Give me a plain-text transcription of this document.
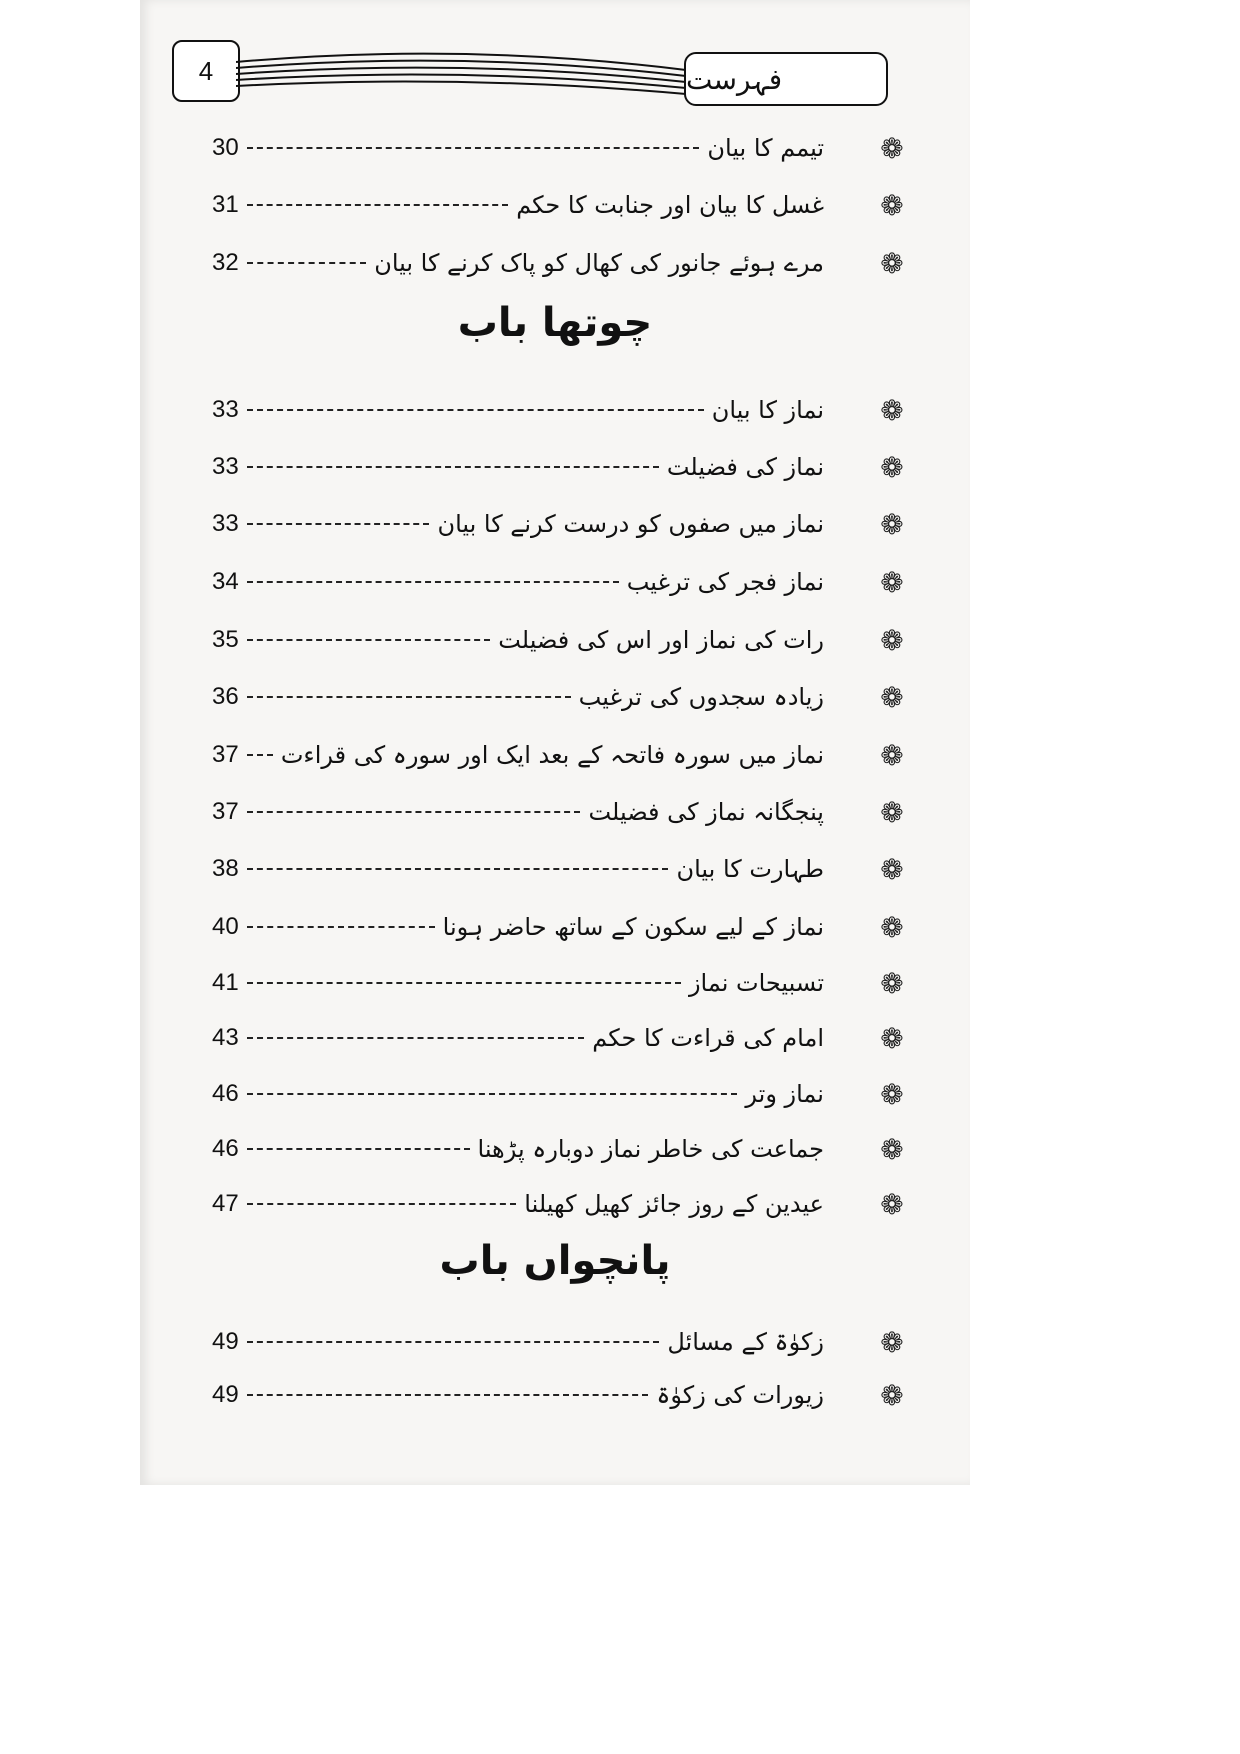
4	فہرست
30	تیمم کا بیان ❁
31	غسل کا بیان اور جنابت کا حکم ❁
32	مرے ہوئے جانور کی کھال کو پاک کرنے کا بیان ❁
چوتھا باب
33	نماز کا بیان ❁
33	نماز کی فضیلت ❁
33	نماز میں صفوں کو درست کرنے کا بیان ❁
34	نماز فجر کی ترغیب ❁
35	رات کی نماز اور اس کی فضیلت ❁
36	زیادہ سجدوں کی ترغیب ❁
37 نماز میں سورہ فاتحہ کے بعد ایک اور سورہ کی قراءت ❁
37	پنجگانہ نماز کی فضیلت ❁
38	طہارت کا بیان ❁
40	نماز کے لیے سکون کے ساتھ حاضر ہونا ❁
41	تسبیحات نماز ❁
43	امام کی قراءت کا حکم ❁
46	نماز وتر ❁
46	جماعت کی خاطر نماز دوبارہ پڑھنا ❁
47	عیدین کے روز جائز کھیل کھیلنا ❁
پانچواں باب
49	زکوٰۃ کے مسائل ❁
49	زیورات کی زکوٰۃ ❁
